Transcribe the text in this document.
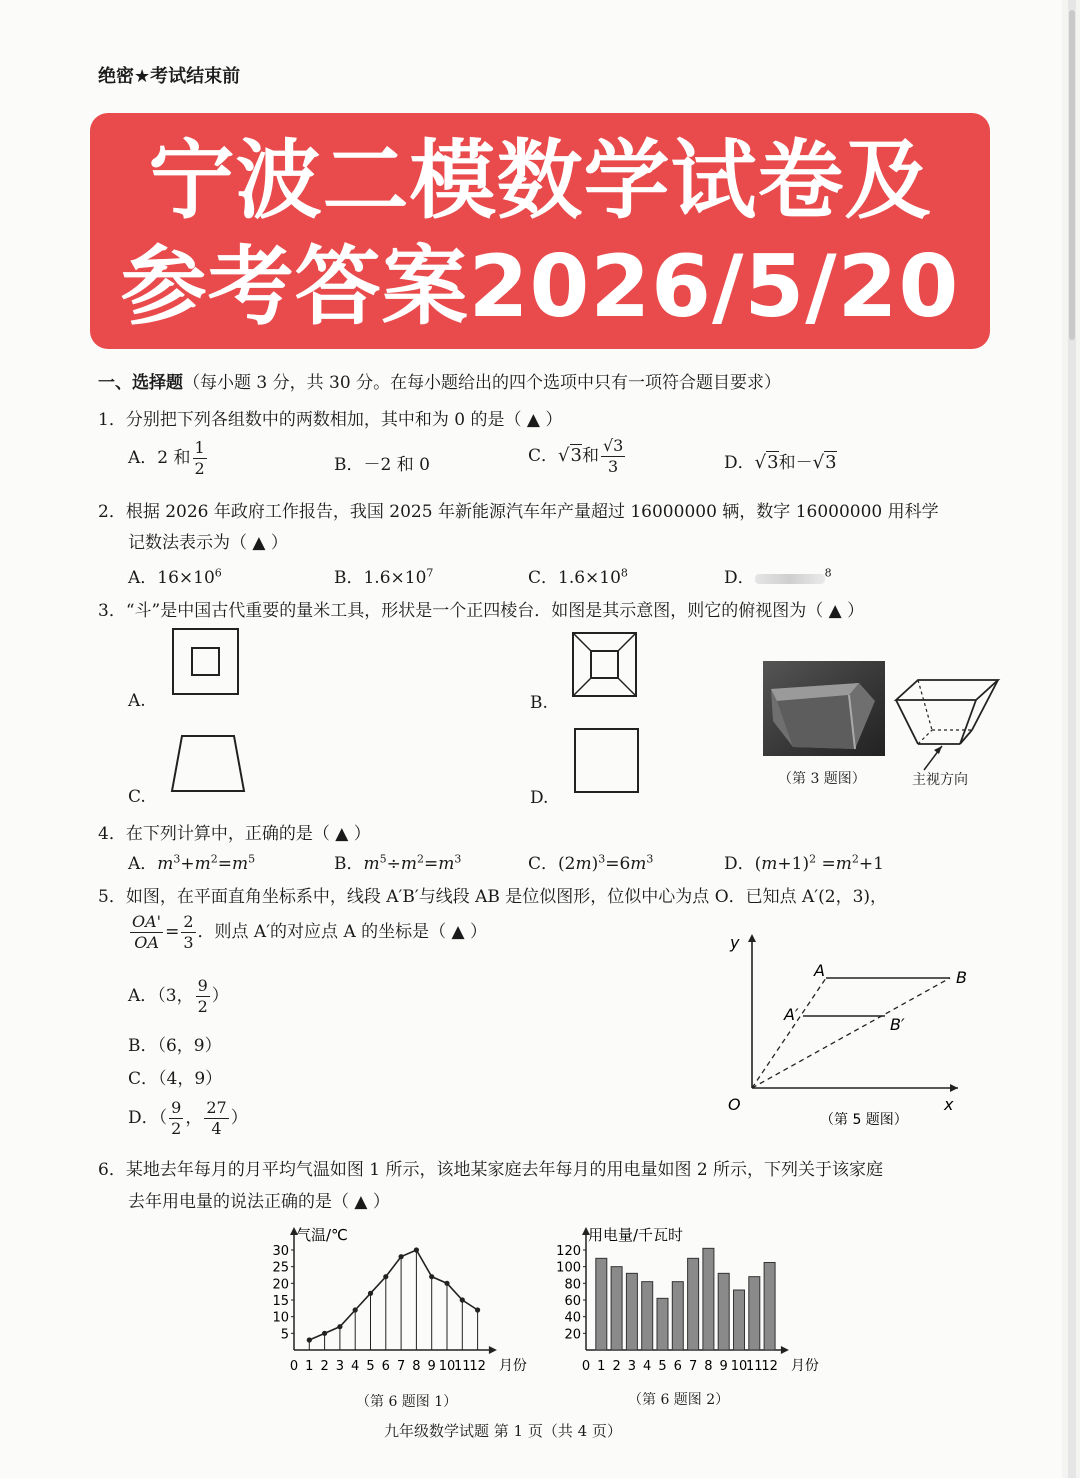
绝密★考试结束前
宁波二模数学试卷及
参考答案2026/5/20
一、选择题（每小题 3 分，共 30 分。在每小题给出的四个选项中只有一项符合题目要求）
1．分别把下列各组数中的两数相加，其中和为 0 的是（ ▲ ）
A．2 和 $\frac{1}{2}$	B．－2 和 0	C．√3和 $\frac{√3}{3}$	D．√3和－√3
2．根据 2026 年政府工作报告，我国 2025 年新能源汽车年产量超过 16000000 辆，数字 16000000 用科学
记数法表示为（ ▲ ）
A．$16\times 10^6$	B．$1.6\times 10^7$	C．$1.6\times 10^8$	D．	$^8$
3．“斗”是中国古代重要的量米工具，形状是一个正四棱台．如图是其示意图，则它的俯视图为（ ▲ ）
A.	B.
C.	D.
（第 3 题图）	主视方向
4．在下列计算中，正确的是（ ▲ ）
A．$m^3+m^2=m^5$	B．$m^5\div m^2=m^3$	C．$(2m)^3=6m^3$	D．$(m+1)^2 =m^2+1$
5．如图，在平面直角坐标系中，线段 A′B′与线段 AB 是位似图形，位似中心为点 O．已知点 A′(2，3)，
$\frac{OA'}{OA} = \frac{2}{3}$ ．则点 A′的对应点 A 的坐标是（ ▲ ）
A．（3， $\frac{9}{2}$ ）
B．（6，9）
C．（4，9）
D．（ $\frac{9}{2}$ ， $\frac{27}{4}$ ）
y
x
O
A	B
A′
B′
（第 5 题图）
6．某地去年每月的月平均气温如图 1 所示，该地某家庭去年每月的用电量如图 2 所示，下列关于该家庭
去年用电量的说法正确的是（ ▲ ）
5
10
15
20
25
30
0 1 2 3 4 5 6 7 8 9 10
11
12 月份
气温/℃
20
40
60
80
100
120
0 1 2 3 4 5 6 7 8 9 10
11
12 月份
用电量/千瓦时
（第 6 题图 1）	（第 6 题图 2）
九年级数学试题 第 1 页（共 4 页）
